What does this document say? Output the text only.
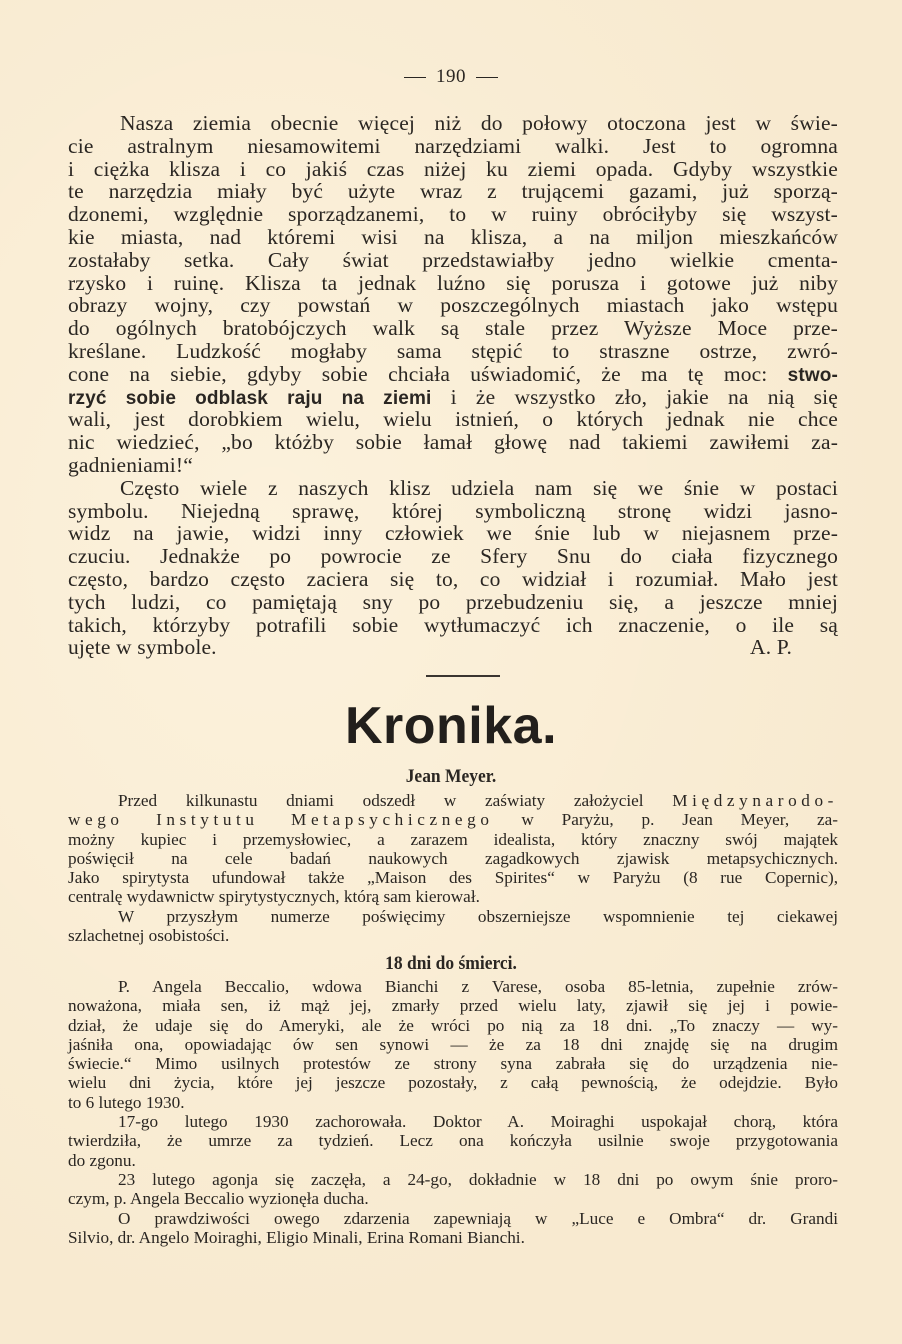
190
Nasza ziemia obecnie więcej niż do połowy otoczona jest w świe-
cie astralnym niesamowitemi narzędziami walki. Jest to ogromna
i ciężka klisza i co jakiś czas niżej ku ziemi opada. Gdyby wszystkie
te narzędzia miały być użyte wraz z trującemi gazami, już sporzą-
dzonemi, względnie sporządzanemi, to w ruiny obróciłyby się wszyst-
kie miasta, nad któremi wisi na klisza, a na miljon mieszkańców
zostałaby setka. Cały świat przedstawiałby jedno wielkie cmenta-
rzysko i ruinę. Klisza ta jednak luźno się porusza i gotowe już niby
obrazy wojny, czy powstań w poszczególnych miastach jako wstępu
do ogólnych bratobójczych walk są stale przez Wyższe Moce prze-
kreślane. Ludzkość mogłaby sama stępić to straszne ostrze, zwró-
cone na siebie, gdyby sobie chciała uświadomić, że ma tę moc: stwo-
rzyć sobie odblask raju na ziemi i że wszystko zło, jakie na nią się
wali, jest dorobkiem wielu, wielu istnień, o których jednak nie chce
nic wiedzieć, „bo któżby sobie łamał głowę nad takiemi zawiłemi za-
gadnieniami!“
Często wiele z naszych klisz udziela nam się we śnie w postaci
symbolu. Niejedną sprawę, której symboliczną stronę widzi jasno-
widz na jawie, widzi inny człowiek we śnie lub w niejasnem prze-
czuciu. Jednakże po powrocie ze Sfery Snu do ciała fizycznego
często, bardzo często zaciera się to, co widział i rozumiał. Mało jest
tych ludzi, co pamiętają sny po przebudzeniu się, a jeszcze mniej
takich, którzyby potrafili sobie wytłumaczyć ich znaczenie, o ile są
ujęte w symbole.	A. P.
Kronika.
Jean Meyer.
Przed kilkunastu dniami odszedł w zaświaty założyciel Międzynarodo-
wego Instytutu Metapsychicznego w Paryżu, p. Jean Meyer, za-
możny kupiec i przemysłowiec, a zarazem idealista, który znaczny swój majątek
poświęcił na cele badań naukowych zagadkowych zjawisk metapsychicznych.
Jako spirytysta ufundował także „Maison des Spirites“ w Paryżu (8 rue Copernic),
centralę wydawnictw spirytystycznych, którą sam kierował.
W przyszłym numerze poświęcimy obszerniejsze wspomnienie tej ciekawej
szlachetnej osobistości.
18 dni do śmierci.
P. Angela Beccalio, wdowa Bianchi z Varese, osoba 85-letnia, zupełnie zrów-
noważona, miała sen, iż mąż jej, zmarły przed wielu laty, zjawił się jej i powie-
dział, że udaje się do Ameryki, ale że wróci po nią za 18 dni. „To znaczy — wy-
jaśniła ona, opowiadając ów sen synowi — że za 18 dni znajdę się na drugim
świecie.“ Mimo usilnych protestów ze strony syna zabrała się do urządzenia nie-
wielu dni życia, które jej jeszcze pozostały, z całą pewnością, że odejdzie. Było
to 6 lutego 1930.
17-go lutego 1930 zachorowała. Doktor A. Moiraghi uspokajał chorą, która
twierdziła, że umrze za tydzień. Lecz ona kończyła usilnie swoje przygotowania
do zgonu.
23 lutego agonja się zaczęła, a 24-go, dokładnie w 18 dni po owym śnie proro-
czym, p. Angela Beccalio wyzionęła ducha.
O prawdziwości owego zdarzenia zapewniają w „Luce e Ombra“ dr. Grandi
Silvio, dr. Angelo Moiraghi, Eligio Minali, Erina Romani Bianchi.
